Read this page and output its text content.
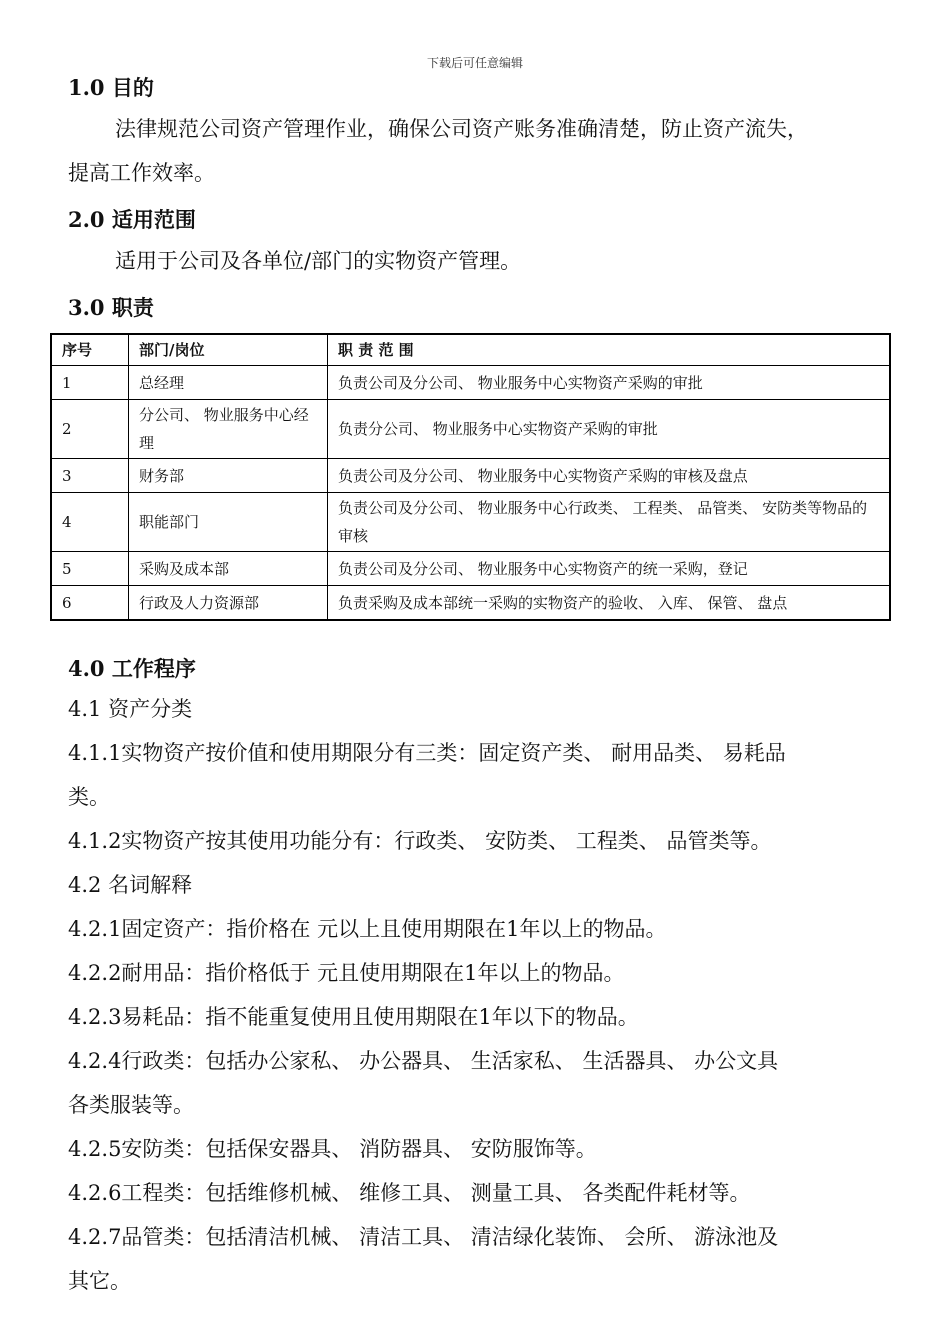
下载后可任意编辑
1.0 目的
法律规范公司资产管理作业，确保公司资产账务准确清楚，防止资产流失，
提高工作效率。
2.0 适用范围
适用于公司及各单位/部门的实物资产管理。
3.0 职责
序号	部门/岗位	职 责 范 围
1	总经理	负责公司及分公司、 物业服务中心实物资产采购的审批
2	分公司、 物业服务中心经理	负责分公司、 物业服务中心实物资产采购的审批
3	财务部	负责公司及分公司、 物业服务中心实物资产采购的审核及盘点
4	职能部门	负责公司及分公司、 物业服务中心行政类、 工程类、 品管类、 安防类等物品的审核
5	采购及成本部	负责公司及分公司、 物业服务中心实物资产的统一采购，登记
6	行政及人力资源部	负责采购及成本部统一采购的实物资产的验收、 入库、 保管、 盘点
4.0 工作程序
4.1 资产分类
4.1.1实物资产按价值和使用期限分有三类：固定资产类、 耐用品类、 易耗品
类。
4.1.2实物资产按其使用功能分有：行政类、 安防类、 工程类、 品管类等。
4.2 名词解释
4.2.1固定资产：指价格在 元以上且使用期限在1年以上的物品。
4.2.2耐用品：指价格低于 元且使用期限在1年以上的物品。
4.2.3易耗品：指不能重复使用且使用期限在1年以下的物品。
4.2.4行政类：包括办公家私、 办公器具、 生活家私、 生活器具、 办公文具
各类服装等。
4.2.5安防类：包括保安器具、 消防器具、 安防服饰等。
4.2.6工程类：包括维修机械、 维修工具、 测量工具、 各类配件耗材等。
4.2.7品管类：包括清洁机械、 清洁工具、 清洁绿化装饰、 会所、 游泳池及
其它。
